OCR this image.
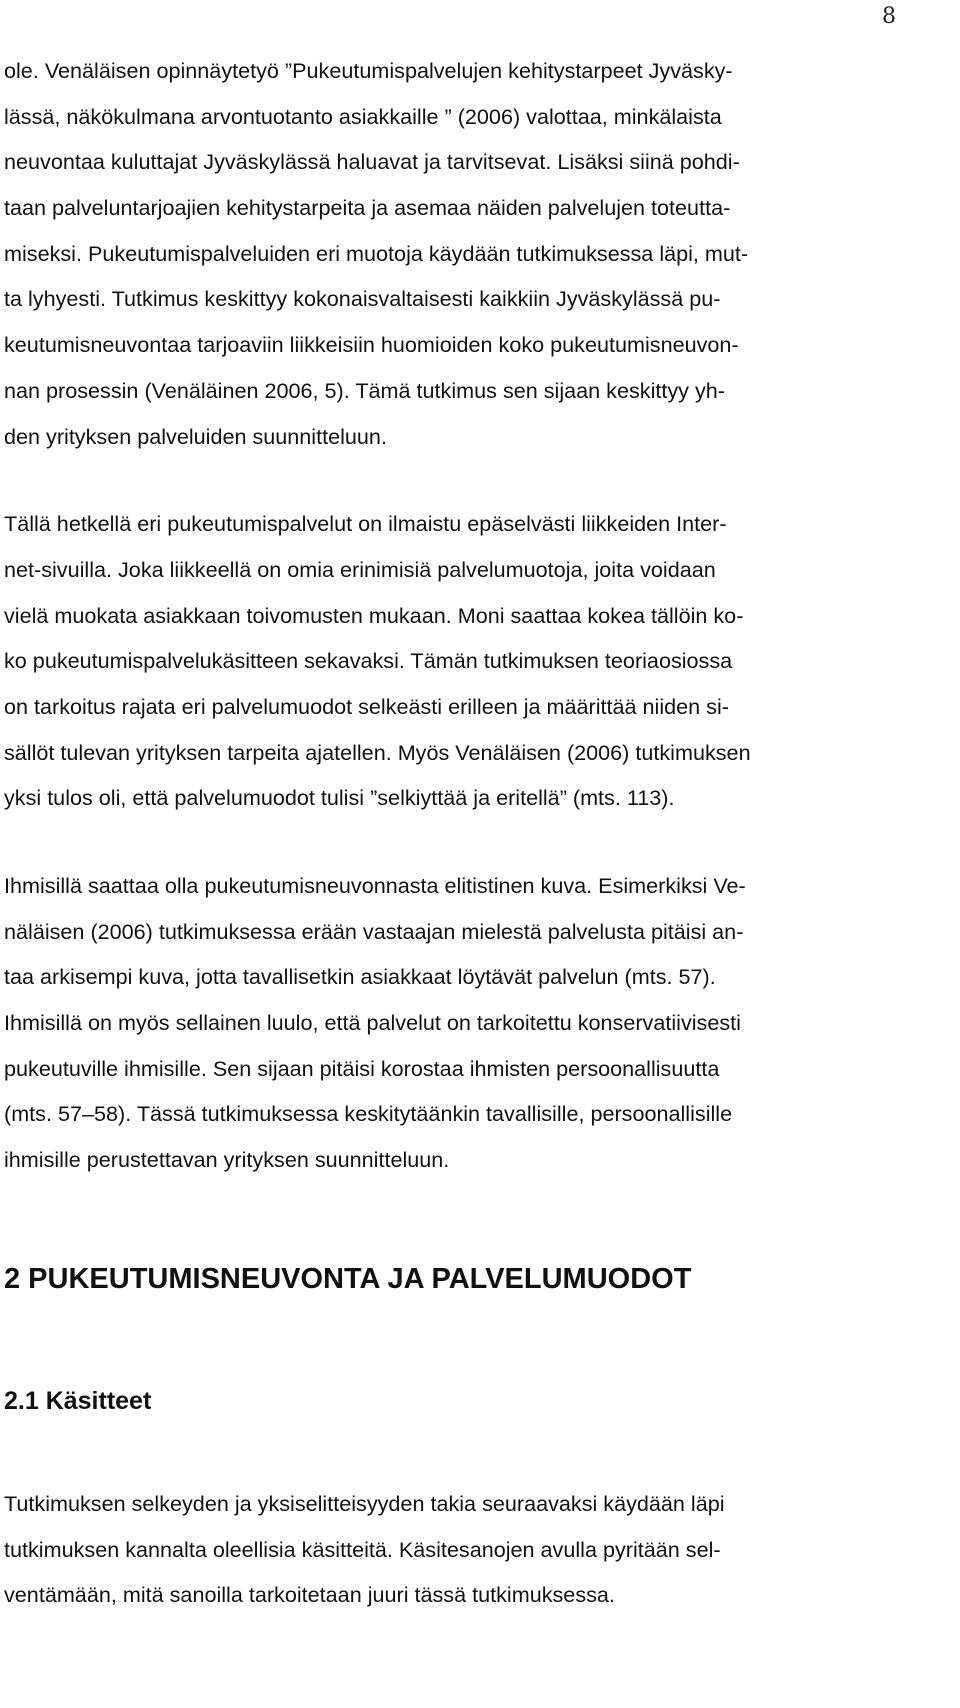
8
ole. Venäläisen opinnäytetyö ”Pukeutumispalvelujen kehitystarpeet Jyväsky-
lässä, näkökulmana arvontuotanto asiakkaille ” (2006) valottaa, minkälaista
neuvontaa kuluttajat Jyväskylässä haluavat ja tarvitsevat. Lisäksi siinä pohdi-
taan palveluntarjoajien kehitystarpeita ja asemaa näiden palvelujen toteutta-
miseksi. Pukeutumispalveluiden eri muotoja käydään tutkimuksessa läpi, mut-
ta lyhyesti. Tutkimus keskittyy kokonaisvaltaisesti kaikkiin Jyväskylässä pu-
keutumisneuvontaa tarjoaviin liikkeisiin huomioiden koko pukeutumisneuvon-
nan prosessin (Venäläinen 2006, 5). Tämä tutkimus sen sijaan keskittyy yh-
den yrityksen palveluiden suunnitteluun.
Tällä hetkellä eri pukeutumispalvelut on ilmaistu epäselvästi liikkeiden Inter-
net-sivuilla. Joka liikkeellä on omia erinimisiä palvelumuotoja, joita voidaan
vielä muokata asiakkaan toivomusten mukaan. Moni saattaa kokea tällöin ko-
ko pukeutumispalvelukäsitteen sekavaksi. Tämän tutkimuksen teoriaosiossa
on tarkoitus rajata eri palvelumuodot selkeästi erilleen ja määrittää niiden si-
sällöt tulevan yrityksen tarpeita ajatellen. Myös Venäläisen (2006) tutkimuksen
yksi tulos oli, että palvelumuodot tulisi ”selkiyttää ja eritellä” (mts. 113).
Ihmisillä saattaa olla pukeutumisneuvonnasta elitistinen kuva. Esimerkiksi Ve-
näläisen (2006) tutkimuksessa erään vastaajan mielestä palvelusta pitäisi an-
taa arkisempi kuva, jotta tavallisetkin asiakkaat löytävät palvelun (mts. 57).
Ihmisillä on myös sellainen luulo, että palvelut on tarkoitettu konservatiivisesti
pukeutuville ihmisille. Sen sijaan pitäisi korostaa ihmisten persoonallisuutta
(mts. 57–58). Tässä tutkimuksessa keskitytäänkin tavallisille, persoonallisille
ihmisille perustettavan yrityksen suunnitteluun.
2 PUKEUTUMISNEUVONTA JA PALVELUMUODOT
2.1 Käsitteet
Tutkimuksen selkeyden ja yksiselitteisyyden takia seuraavaksi käydään läpi
tutkimuksen kannalta oleellisia käsitteitä. Käsitesanojen avulla pyritään sel-
ventämään, mitä sanoilla tarkoitetaan juuri tässä tutkimuksessa.
